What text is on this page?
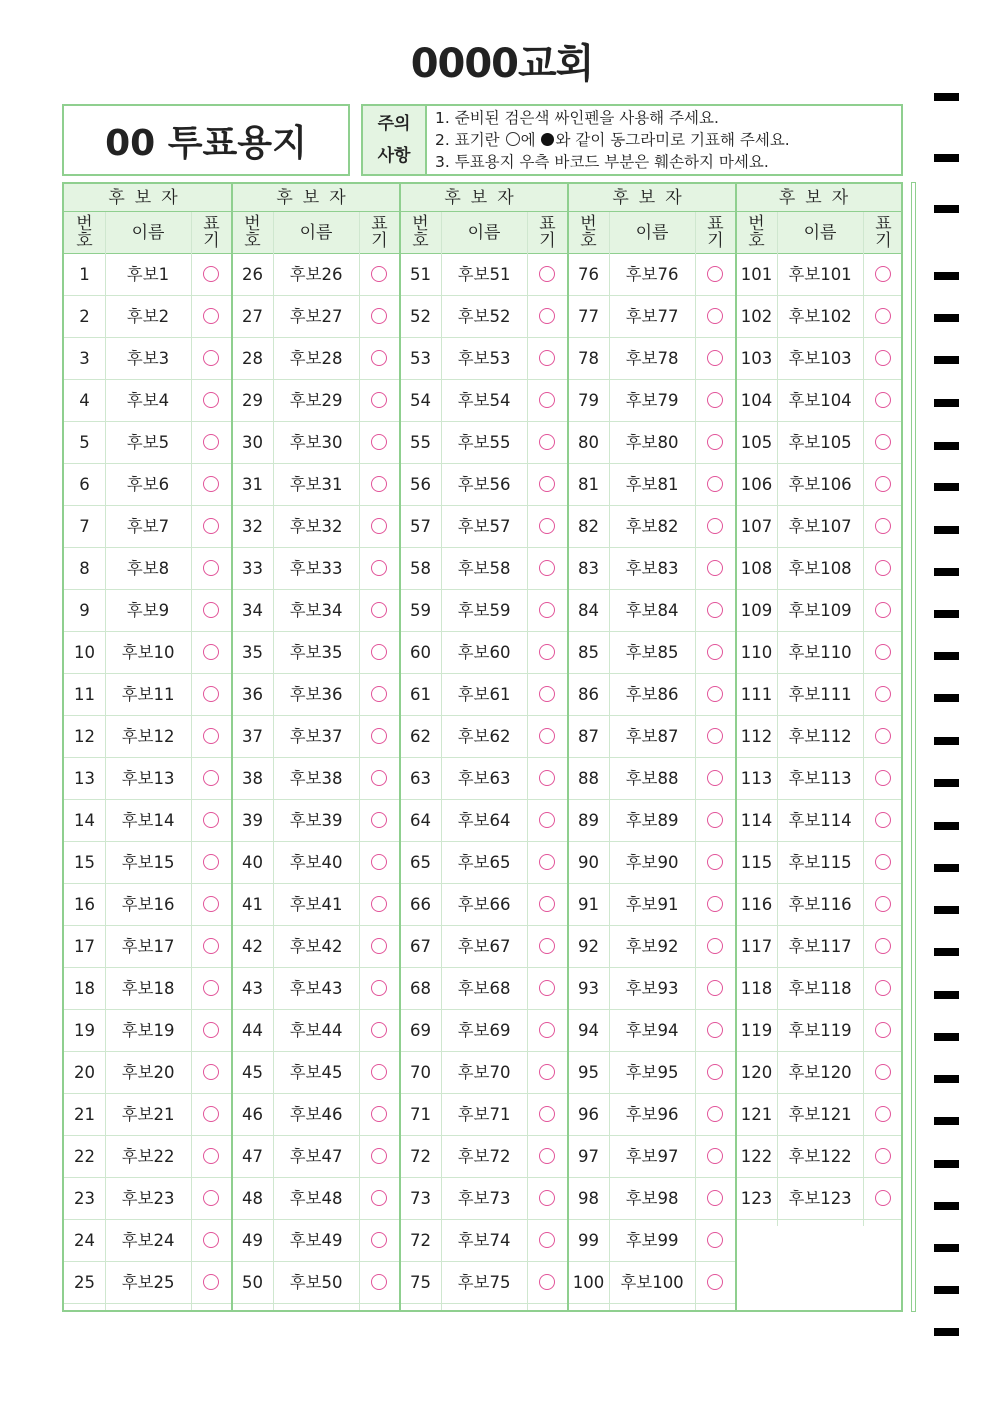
0000교회
00 투표용지	주의
사항
1. 준비된 검은색 싸인펜을 사용해 주세요.
2. 표기란 에 와 같이 동그라미로 기표해 주세요.
3. 투표용지 우측 바코드 부분은 훼손하지 마세요.
후보자
번
호	이름	표
기
1	후보1
2	후보2
3	후보3
4	후보4
5	후보5
6	후보6
7	후보7
8	후보8
9	후보9
10	후보10
11	후보11
12	후보12
13	후보13
14	후보14
15	후보15
16	후보16
17	후보17
18	후보18
19	후보19
20	후보20
21	후보21
22	후보22
23	후보23
24	후보24
25	후보25
후보자
번
호	이름	표
기
26	후보26
27	후보27
28	후보28
29	후보29
30	후보30
31	후보31
32	후보32
33	후보33
34	후보34
35	후보35
36	후보36
37	후보37
38	후보38
39	후보39
40	후보40
41	후보41
42	후보42
43	후보43
44	후보44
45	후보45
46	후보46
47	후보47
48	후보48
49	후보49
50	후보50
후보자
번
호	이름	표
기
51	후보51
52	후보52
53	후보53
54	후보54
55	후보55
56	후보56
57	후보57
58	후보58
59	후보59
60	후보60
61	후보61
62	후보62
63	후보63
64	후보64
65	후보65
66	후보66
67	후보67
68	후보68
69	후보69
70	후보70
71	후보71
72	후보72
73	후보73
72	후보74
75	후보75
후보자
번
호	이름	표
기
76	후보76
77	후보77
78	후보78
79	후보79
80	후보80
81	후보81
82	후보82
83	후보83
84	후보84
85	후보85
86	후보86
87	후보87
88	후보88
89	후보89
90	후보90
91	후보91
92	후보92
93	후보93
94	후보94
95	후보95
96	후보96
97	후보97
98	후보98
99	후보99
100 후보100
후보자
번
호	이름	표
기
101 후보101
102 후보102
103 후보103
104 후보104
105 후보105
106 후보106
107 후보107
108 후보108
109 후보109
110 후보110
111 후보111
112 후보112
113 후보113
114 후보114
115 후보115
116 후보116
117 후보117
118 후보118
119 후보119
120 후보120
121 후보121
122 후보122
123 후보123
